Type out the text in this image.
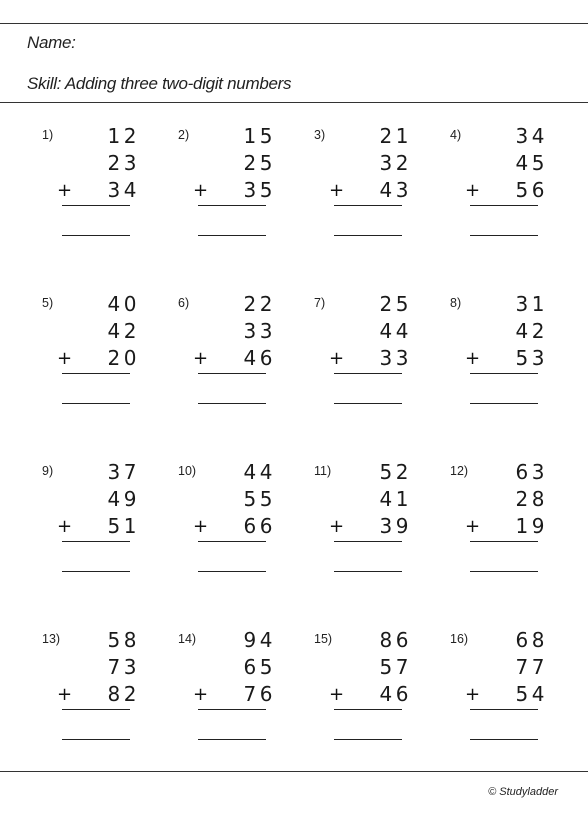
Name:
Skill: Adding three two-digit numbers
1)	12
23
34
+
2)	15
25
35
+
3)	21
32
43
+
4)	34
45
56
+
5)	40
42
20
+
6)	22
33
46
+
7)	25
44
33
+
8)	31
42
53
+
9)	37
49
51
+
10)	44
55
66
+
11)	52
41
39
+
12)	63
28
19
+
13)	58
73
82
+
14)	94
65
76
+
15)	86
57
46
+
16)	68
77
54
+
© Studyladder
